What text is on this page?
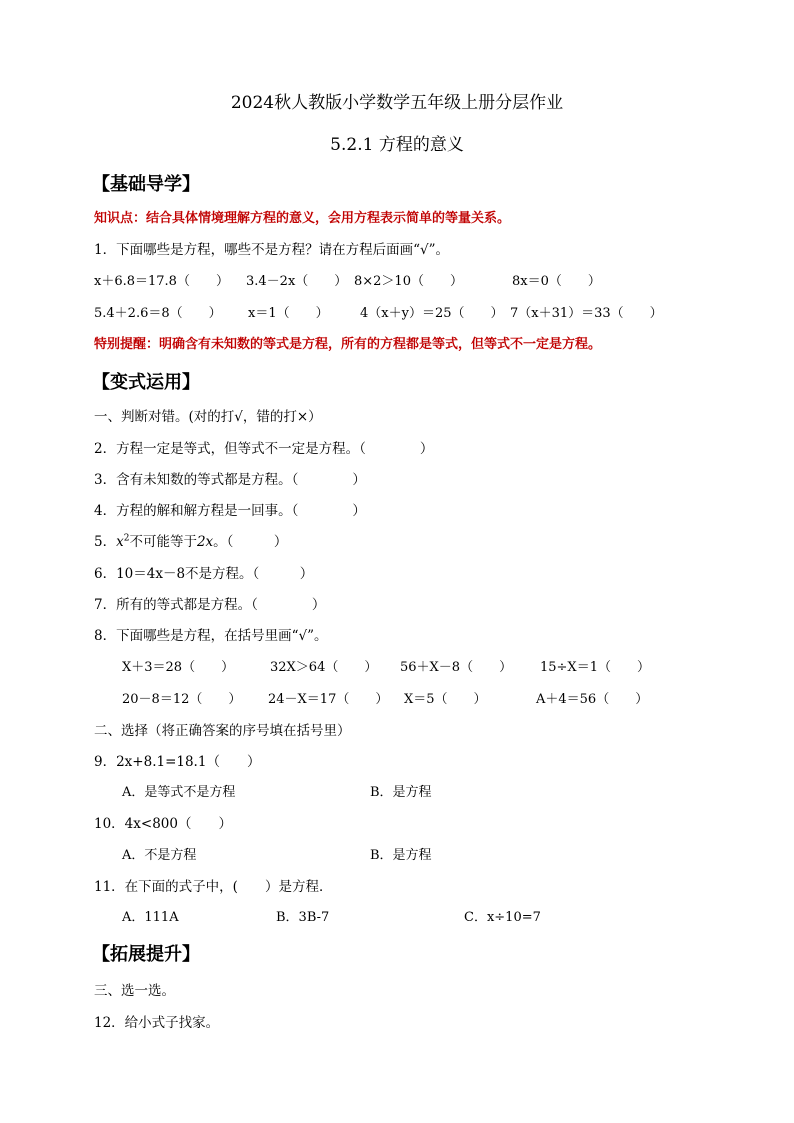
2024秋人教版小学数学五年级上册分层作业
5.2.1 方程的意义
【基础导学】
知识点：结合具体情境理解方程的意义，会用方程表示简单的等量关系。
1．下面哪些是方程，哪些不是方程？请在方程后面画“√”。
x＋6.8＝17.8（　　） 3.4－2x（　　） 8×2＞10（　　）	8x＝0（　　）
5.4＋2.6＝8（　　） x＝1（　　） 4（x＋y）＝25（　　） 7（x＋31）＝33（　　）
特别提醒：明确含有未知数的等式是方程，所有的方程都是等式，但等式不一定是方程。
【变式运用】
一、判断对错。(对的打√，错的打×）
2．方程一定是等式，但等式不一定是方程。（　　　　）
3．含有未知数的等式都是方程。（　　　　）
4．方程的解和解方程是一回事。（　　　　）
5．$x^2$不可能等于2x。（　　　）
6．10＝4x－8不是方程。（　　　）
7．所有的等式都是方程。（　　　　）
8．下面哪些是方程，在括号里画“√”。
X＋3＝28（　　）	32X＞64（　　） 56＋X－8（　　） 15÷X＝1（　　）
20－8＝12（　　） 24－X＝17（　　） X＝5（　　）	A＋4＝56（　　）
二、选择（将正确答案的序号填在括号里）
9．2x+8.1=18.1（　　）
A．是等式不是方程	B．是方程
10．4x<800（　　）
A．不是方程	B．是方程
11．在下面的式子中，(　　）是方程．
A．111A	B．3B-7	C．x÷10=7
【拓展提升】
三、选一选。
12．给小式子找家。
